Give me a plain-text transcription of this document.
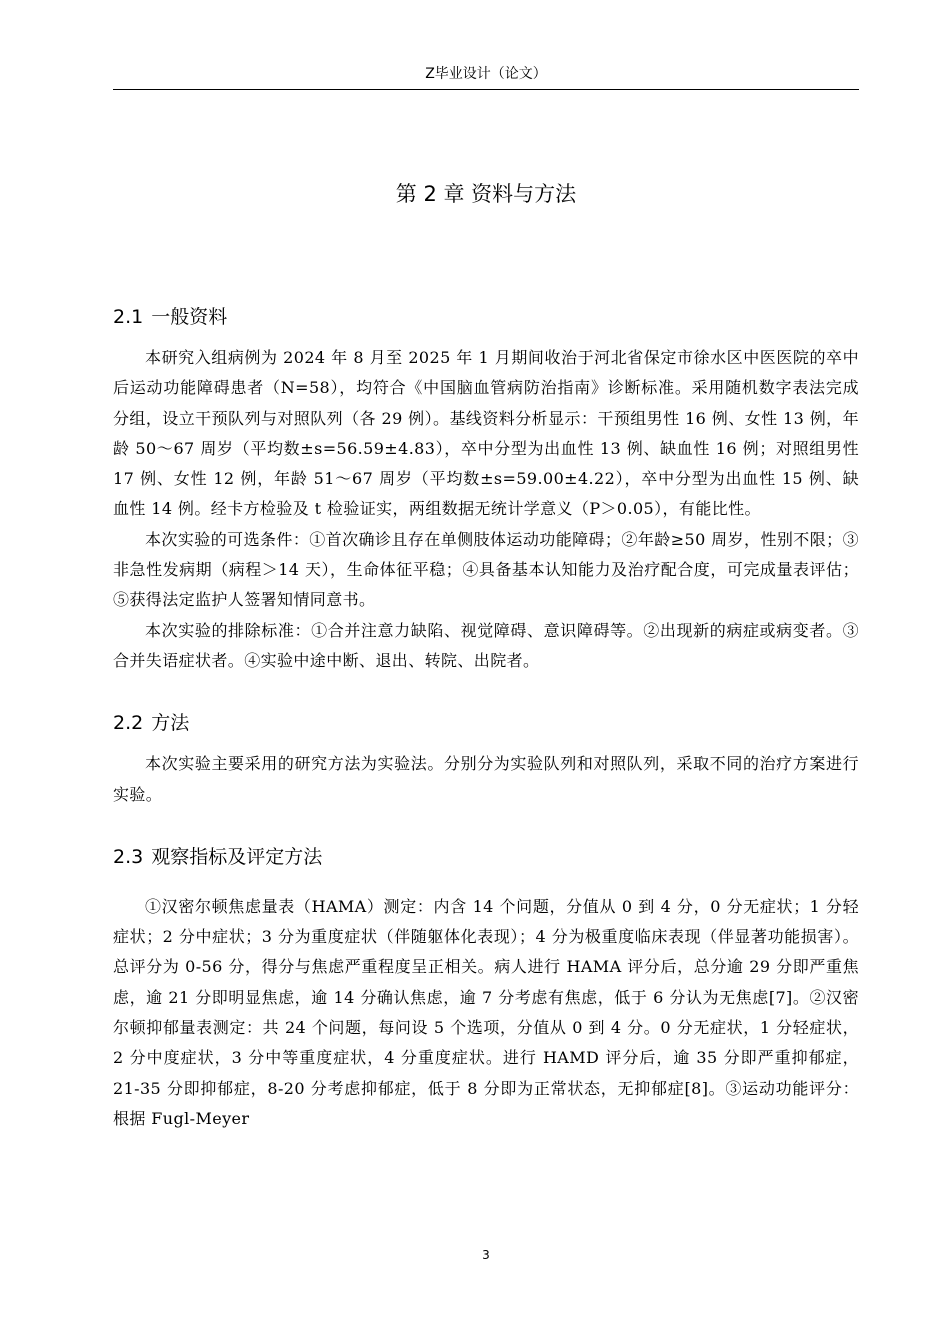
Z毕业设计（论文）
第 2 章 资料与方法
2.1 一般资料

本研究入组病例为 2024 年 8 月至 2025 年 1 月期间收治于河北省保定市徐水区中医医院的卒中后运动功能障碍患者（N=58），均符合《中国脑血管病防治指南》诊断标准。采用随机数字表法完成分组，设立干预队列与对照队列（各 29 例）。基线资料分析显示：干预组男性 16 例、女性 13 例，年龄 50～67 周岁（平均数±s=56.59±4.83），卒中分型为出血性 13 例、缺血性 16 例；对照组男性 17 例、女性 12 例，年龄 51～67 周岁（平均数±s=59.00±4.22），卒中分型为出血性 15 例、缺血性 14 例。经卡方检验及 t 检验证实，两组数据无统计学意义（P＞0.05），有能比性。

本次实验的可选条件：①首次确诊且存在单侧肢体运动功能障碍；②年龄≥50 周岁，性别不限；③非急性发病期（病程＞14 天），生命体征平稳；④具备基本认知能力及治疗配合度，可完成量表评估；⑤获得法定监护人签署知情同意书。

本次实验的排除标准：①合并注意力缺陷、视觉障碍、意识障碍等。②出现新的病症或病变者。③合并失语症状者。④实验中途中断、退出、转院、出院者。

2.2 方法

本次实验主要采用的研究方法为实验法。分别分为实验队列和对照队列，采取不同的治疗方案进行实验。

2.3 观察指标及评定方法

①汉密尔顿焦虑量表（HAMA）测定：内含 14 个问题，分值从 0 到 4 分，0 分无症状；1 分轻症状；2 分中症状；3 分为重度症状（伴随躯体化表现）；4 分为极重度临床表现（伴显著功能损害）。总评分为 0-56 分，得分与焦虑严重程度呈正相关。病人进行 HAMA 评分后，总分逾 29 分即严重焦虑，逾 21 分即明显焦虑，逾 14 分确认焦虑，逾 7 分考虑有焦虑，低于 6 分认为无焦虑[7]。②汉密尔顿抑郁量表测定：共 24 个问题，每问设 5 个选项，分值从 0 到 4 分。0 分无症状，1 分轻症状，2 分中度症状，3 分中等重度症状，4 分重度症状。进行 HAMD 评分后，逾 35 分即严重抑郁症，21-35 分即抑郁症，8-20 分考虑抑郁症，低于 8 分即为正常状态，无抑郁症[8]。③运动功能评分：根据 Fugl-Meyer

3
